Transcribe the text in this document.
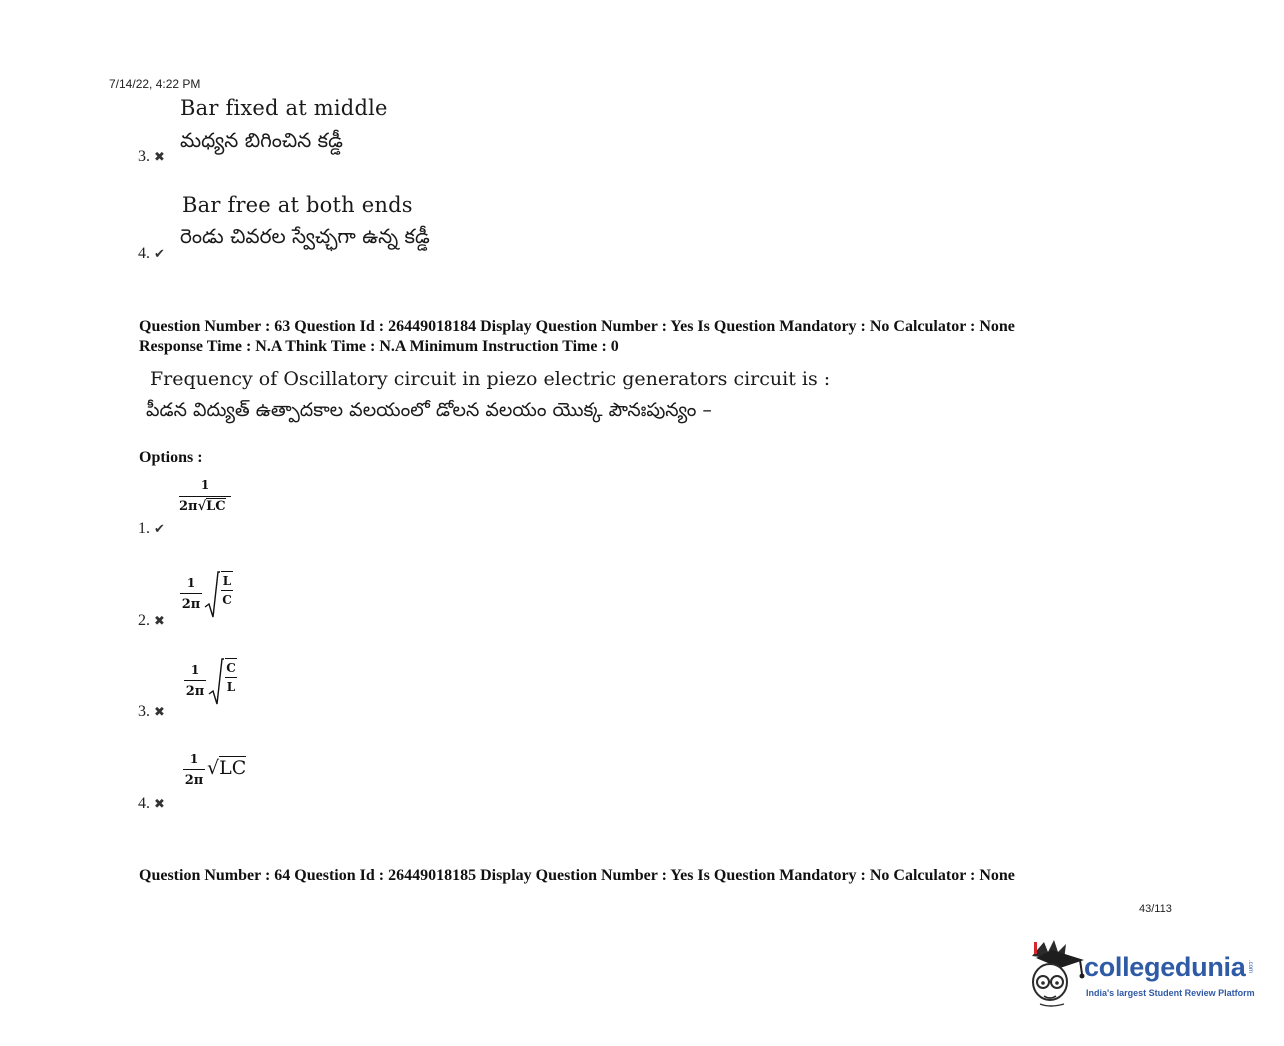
7/14/22, 4:22 PM
Bar fixed at middle
మధ్యన బిగించిన కడ్డీ
3. ✖
Bar free at both ends
రెండు చివరల స్వేచ్ఛగా ఉన్న కడ్డీ
4. ✔
Question Number : 63 Question Id : 26449018184 Display Question Number : Yes Is Question Mandatory : No Calculator : None
Response Time : N.A Think Time : N.A Minimum Instruction Time : 0
Frequency of Oscillatory circuit in piezo electric generators circuit is :
పీడన విద్యుత్ ఉత్పాదకాల వలయంలో డోలన వలయం యొక్క పౌనఃపున్యం –
Options :
1
2π√LC
1. ✔
1
2π
L
C
2. ✖
1
2π
C
L
3. ✖
1
2π
√LC
4. ✖
Question Number : 64 Question Id : 26449018185 Display Question Number : Yes Is Question Mandatory : No Calculator : None
43/113
collegedunia .com
India's largest Student Review Platform
